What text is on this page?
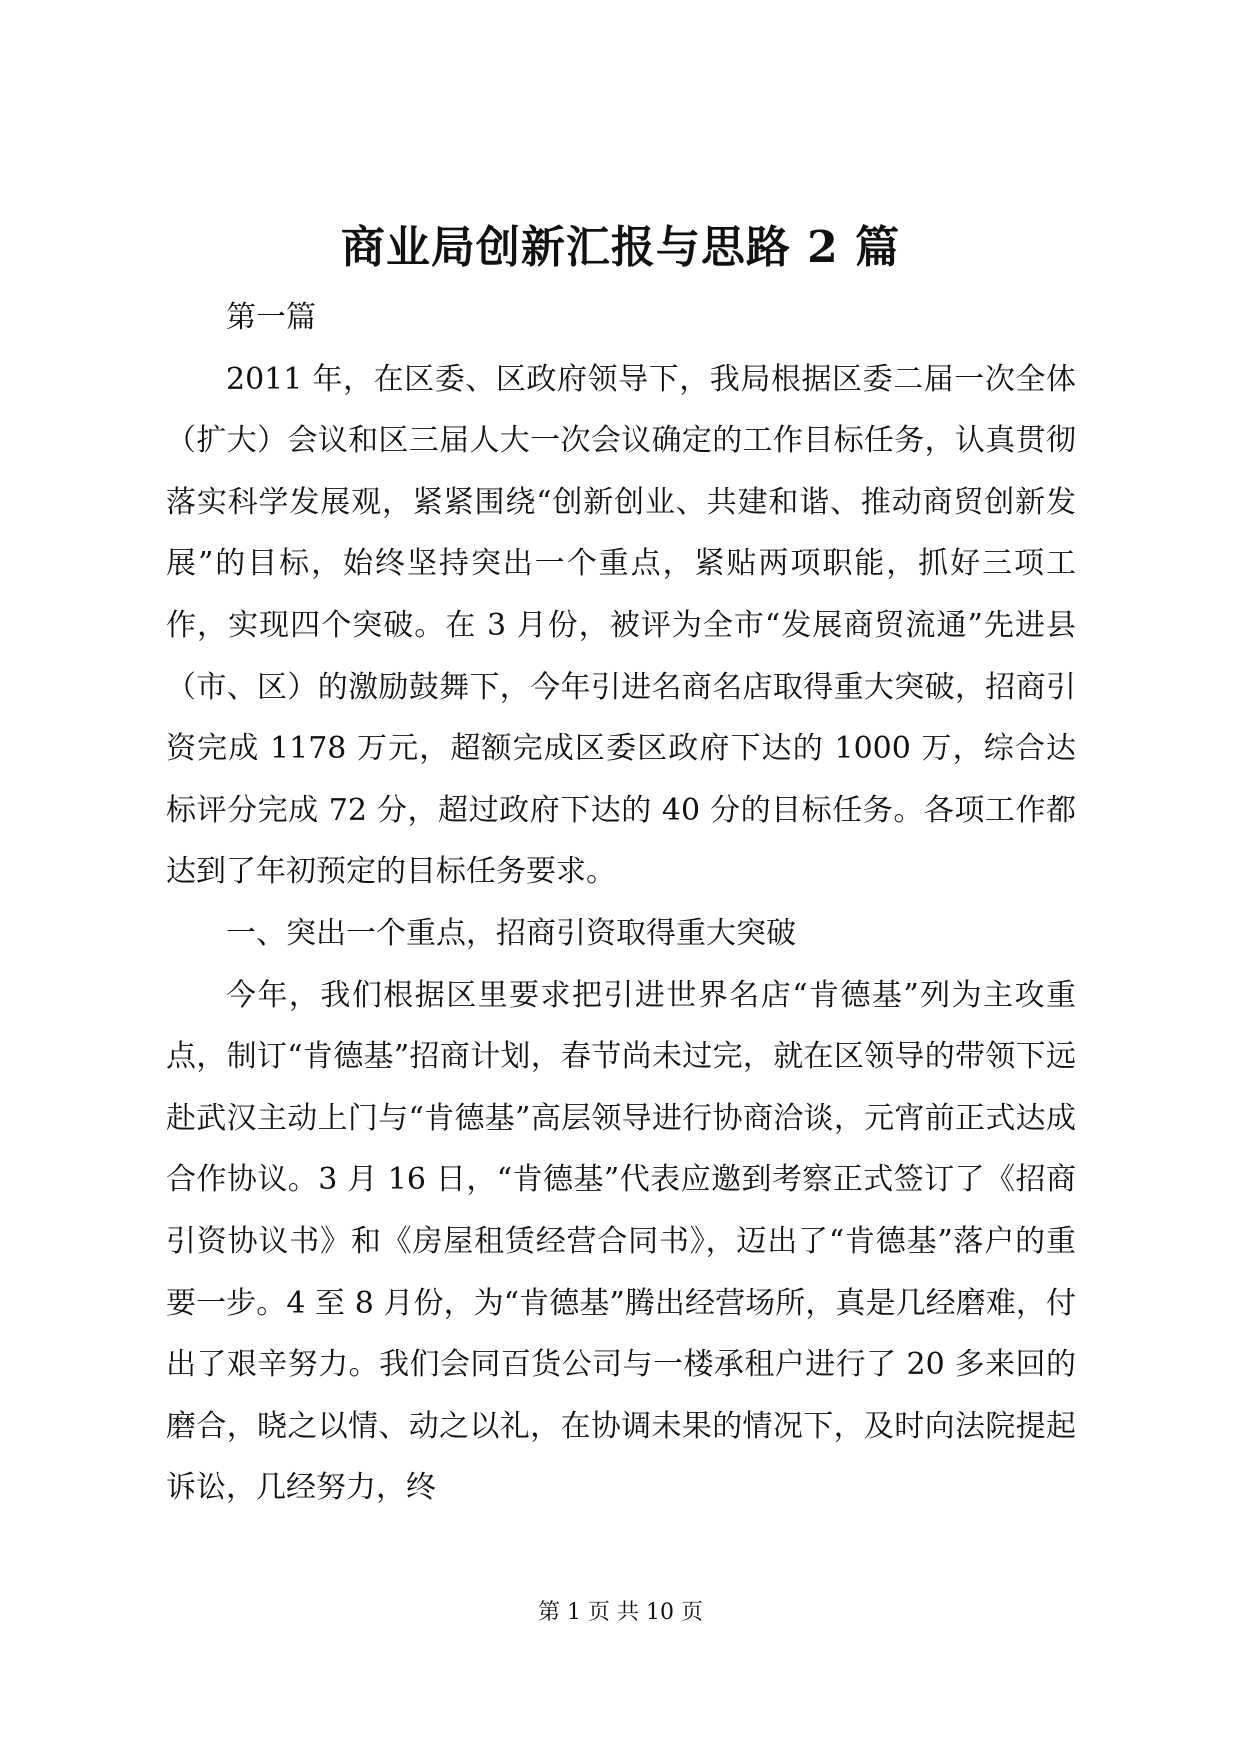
商业局创新汇报与思路 2 篇

第一篇

2011 年，在区委、区政府领导下，我局根据区委二届一次全体（扩大）会议和区三届人大一次会议确定的工作目标任务，认真贯彻落实科学发展观，紧紧围绕“创新创业、共建和谐、推动商贸创新发展”的目标，始终坚持突出一个重点，紧贴两项职能，抓好三项工作，实现四个突破。在 3 月份，被评为全市“发展商贸流通”先进县（市、区）的激励鼓舞下，今年引进名商名店取得重大突破，招商引资完成 1178 万元，超额完成区委区政府下达的 1000 万，综合达标评分完成 72 分，超过政府下达的 40 分的目标任务。各项工作都达到了年初预定的目标任务要求。

一、突出一个重点，招商引资取得重大突破

今年，我们根据区里要求把引进世界名店“肯德基”列为主攻重点，制订“肯德基”招商计划，春节尚未过完，就在区领导的带领下远赴武汉主动上门与“肯德基”高层领导进行协商洽谈，元宵前正式达成合作协议。3 月 16 日，“肯德基”代表应邀到考察正式签订了《招商引资协议书》和《房屋租赁经营合同书》，迈出了“肯德基”落户的重要一步。4 至 8 月份，为“肯德基”腾出经营场所，真是几经磨难，付出了艰辛努力。我们会同百货公司与一楼承租户进行了 20 多来回的磨合，晓之以情、动之以礼，在协调未果的情况下，及时向法院提起诉讼，几经努力，终

第 1 页 共 10 页
